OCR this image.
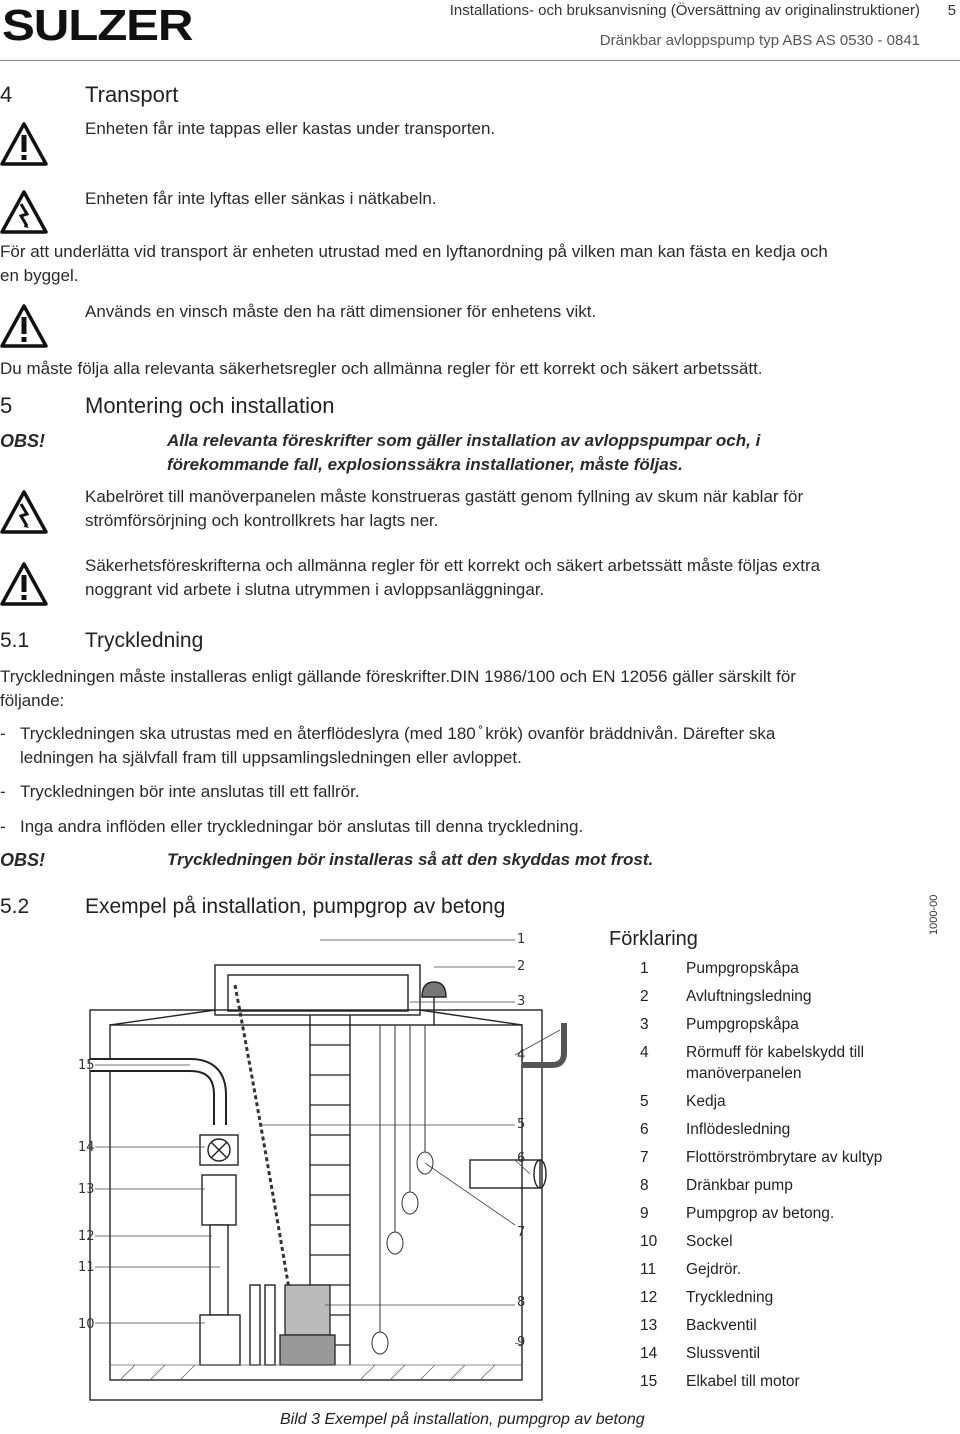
SULZER	Installations- och bruksanvisning (Översättning av originalinstruktioner) 5
Dränkbar avloppspump typ ABS AS 0530 - 0841
4	Transport
Enheten får inte tappas eller kastas under transporten.
Enheten får inte lyftas eller sänkas i nätkabeln.
För att underlätta vid transport är enheten utrustad med en lyftanordning på vilken man kan fästa en kedja och
en byggel.
Används en vinsch måste den ha rätt dimensioner för enhetens vikt.
Du måste följa alla relevanta säkerhetsregler och allmänna regler för ett korrekt och säkert arbetssätt.
5	Montering och installation
OBS!	Alla relevanta föreskrifter som gäller installation av avloppspumpar och, i
förekommande fall, explosionssäkra installationer, måste följas.
Kabelröret till manöverpanelen måste konstrueras gastätt genom fyllning av skum när kablar för
strömförsörjning och kontrollkrets har lagts ner.
Säkerhetsföreskrifterna och allmänna regler för ett korrekt och säkert arbetssätt måste följas extra
noggrant vid arbete i slutna utrymmen i avloppsanläggningar.
5.1	Tryckledning
Tryckledningen måste installeras enligt gällande föreskrifter.DIN 1986/100 och EN 12056 gäller särskilt för
följande:
- Tryckledningen ska utrustas med en återflödeslyra (med 180 ̊ krök) ovanför bräddnivån. Därefter ska
ledningen ha självfall fram till uppsamlingsledningen eller avloppet.
- Tryckledningen bör inte anslutas till ett fallrör.
- Inga andra inflöden eller tryckledningar bör anslutas till denna tryckledning.
OBS!	Tryckledningen bör installeras så att den skyddas mot frost.
5.2	Exempel på installation, pumpgrop av betong
1
2
3
4
5
6
7
8
9
15
14
13
12
11
10
Förklaring
1 Pumpgropskåpa
2 Avluftningsledning
3 Pumpgropskåpa
4 Rörmuff för kabelskydd till manöverpanelen
5 Kedja
6 Inflödesledning
7 Flottörströmbrytare av kultyp
8 Dränkbar pump
9 Pumpgrop av betong.
10 Sockel
11 Gejdrör.
12 Tryckledning
13 Backventil
14 Slussventil
15 Elkabel till motor
1000-00
Bild 3 Exempel på installation, pumpgrop av betong
